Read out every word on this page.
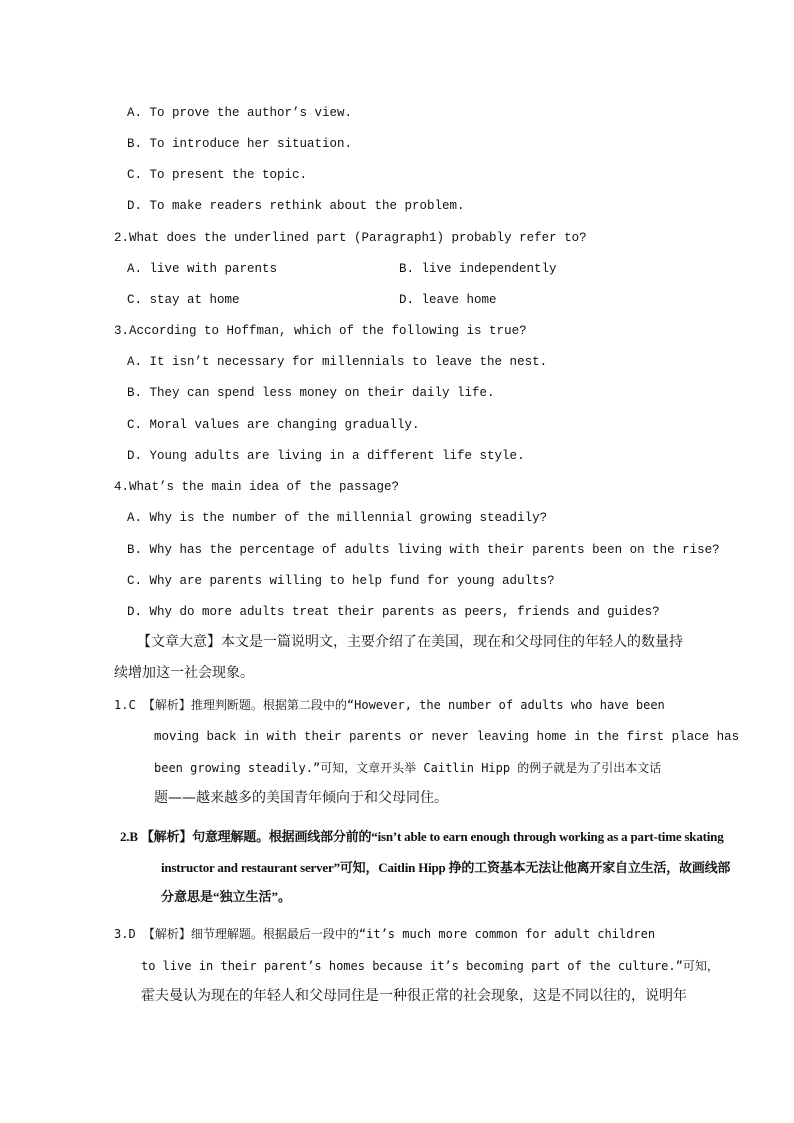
A. To prove the author’s view.
B. To introduce her situation.
C. To present the topic.
D. To make readers rethink about the problem.
2.What does the underlined part (Paragraph1) probably refer to?
A. live with parents	B. live independently
C. stay at home	D. leave home
3.According to Hoffman, which of the following is true?
A. It isn’t necessary for millennials to leave the nest.
B. They can spend less money on their daily life.
C. Moral values are changing gradually.
D. Young adults are living in a different life style.
4.What’s the main idea of the passage?
A. Why is the number of the millennial growing steadily?
B. Why has the percentage of adults living with their parents been on the rise?
C. Why are parents willing to help fund for young adults?
D. Why do more adults treat their parents as peers, friends and guides?
【文章大意】本文是一篇说明文，主要介绍了在美国，现在和父母同住的年轻人的数量持
续增加这一社会现象。
1.C 【解析】推理判断题。根据第二段中的“However, the number of adults who have been
moving back in with their parents or never leaving home in the first place has
been growing steadily.”可知，文章开头举 Caitlin Hipp 的例子就是为了引出本文话
题——越来越多的美国青年倾向于和父母同住。
2.B 【解析】句意理解题。根据画线部分前的“isn’t able to earn enough through working as a part-time skating
instructor and restaurant server”可知，Caitlin Hipp 挣的工资基本无法让他离开家自立生活，故画线部
分意思是“独立生活”。
3.D 【解析】细节理解题。根据最后一段中的“it’s much more common for adult children
to live in their parent’s homes because it’s becoming part of the culture.”可知，
霍夫曼认为现在的年轻人和父母同住是一种很正常的社会现象，这是不同以往的，说明年
